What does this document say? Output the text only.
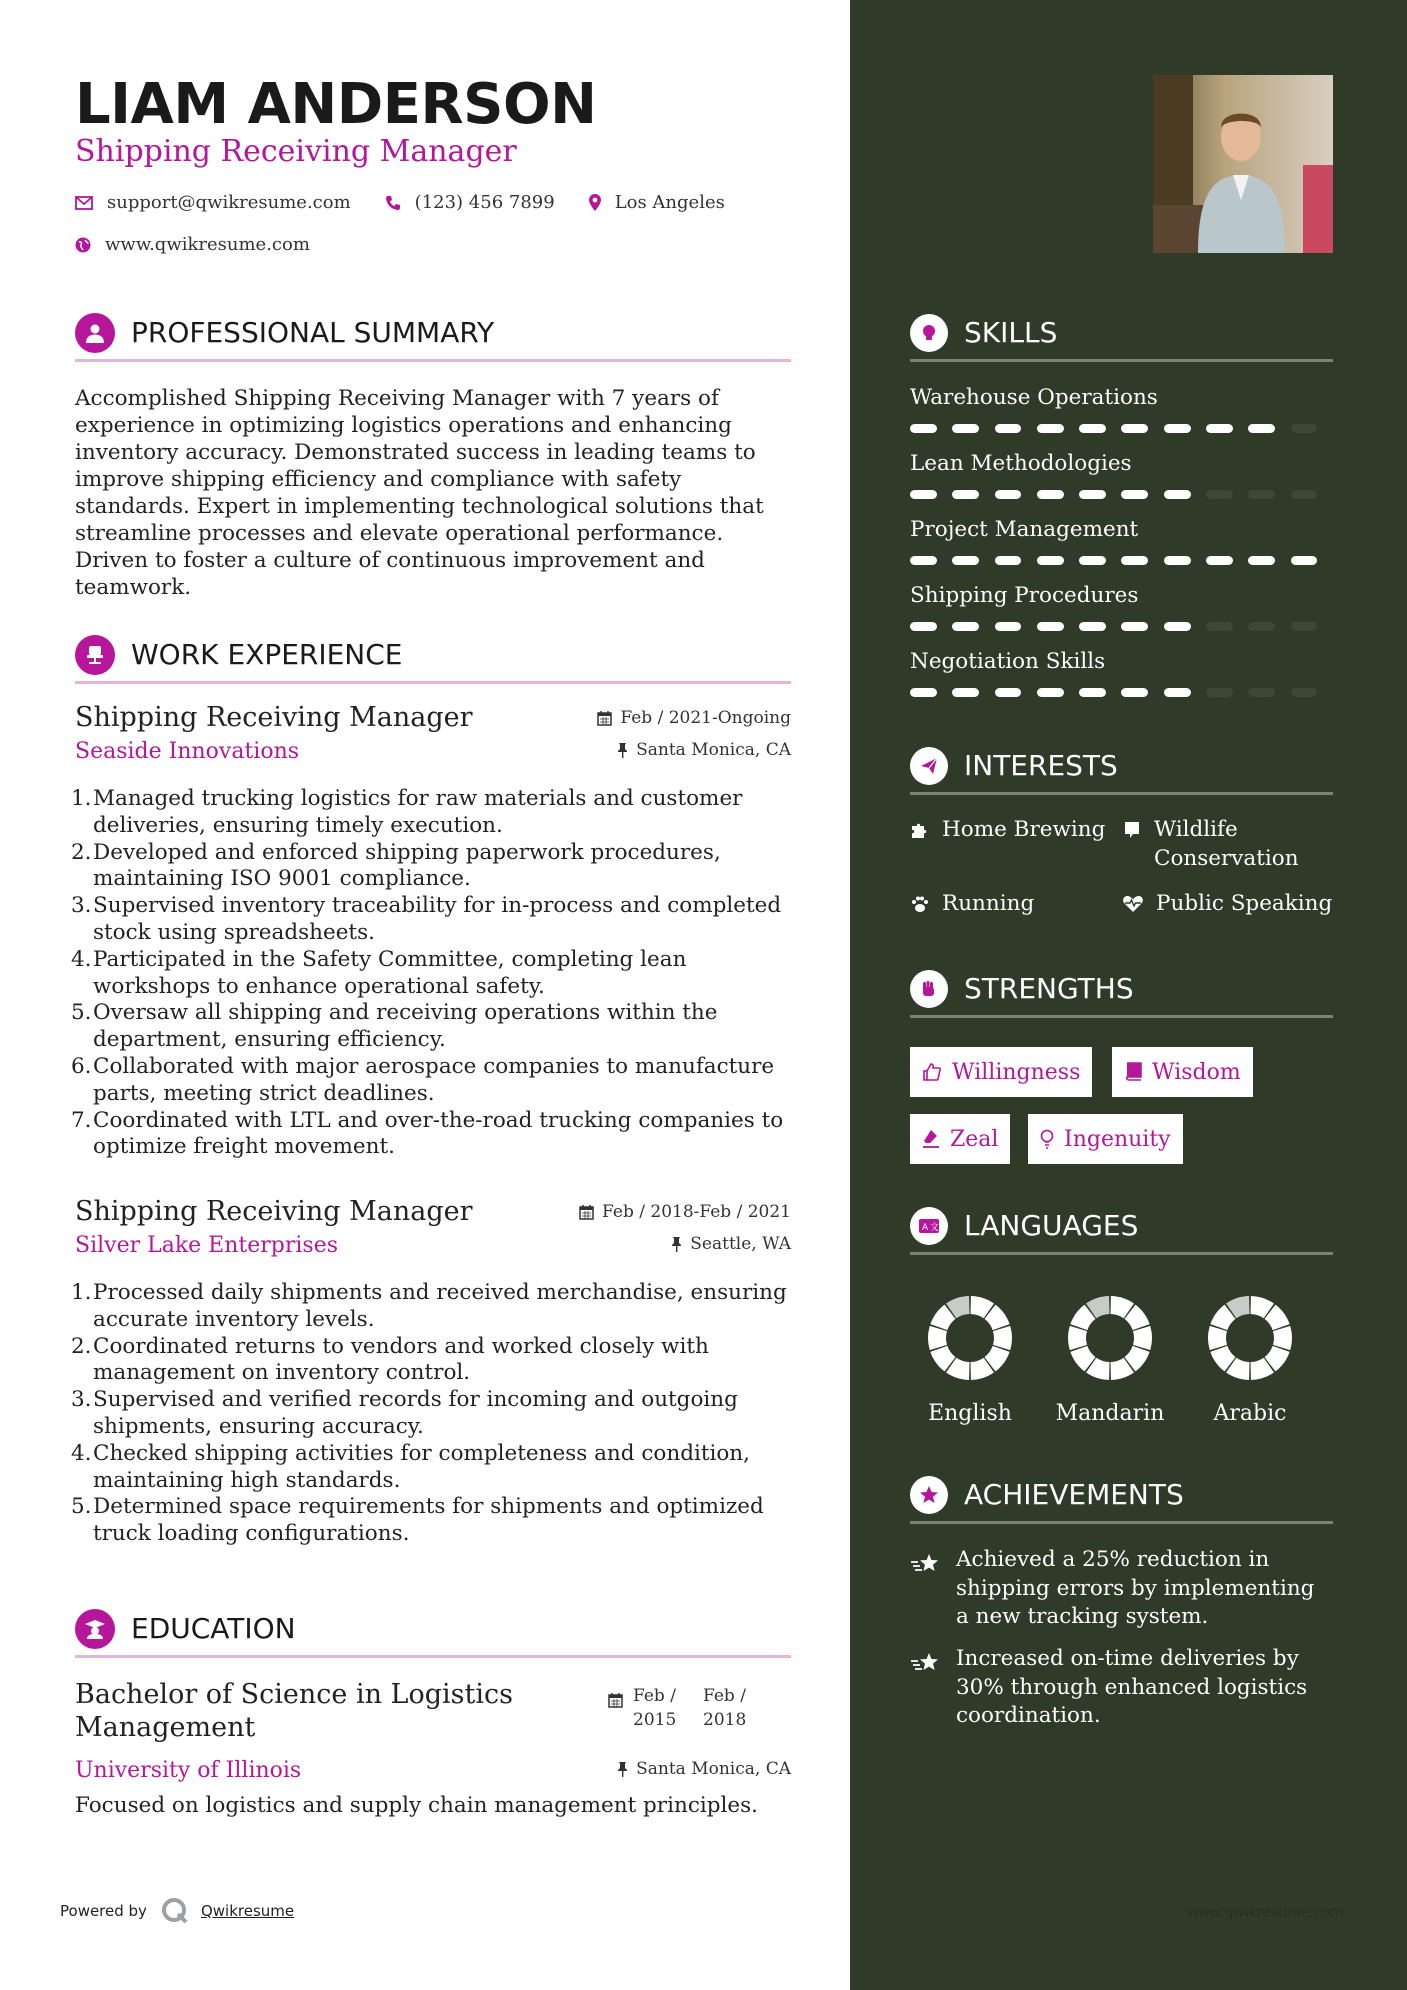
LIAM ANDERSON
Shipping Receiving Manager
support@qwikresume.com	(123) 456 7899	Los Angeles
www.qwikresume.com
PROFESSIONAL SUMMARY
Accomplished Shipping Receiving Manager with 7 years of experience in optimizing logistics operations and enhancing inventory accuracy. Demonstrated success in leading teams to improve shipping efficiency and compliance with safety standards. Expert in implementing technological solutions that streamline processes and elevate operational performance. Driven to foster a culture of continuous improvement and teamwork.
WORK EXPERIENCE
Shipping Receiving Manager	Feb / 2021-Ongoing
Seaside Innovations	Santa Monica, CA
1. Managed trucking logistics for raw materials and customer deliveries, ensuring timely execution.
2. Developed and enforced shipping paperwork procedures, maintaining ISO 9001 compliance.
3. Supervised inventory traceability for in-process and completed stock using spreadsheets.
4. Participated in the Safety Committee, completing lean workshops to enhance operational safety.
5. Oversaw all shipping and receiving operations within the department, ensuring efficiency.
6. Collaborated with major aerospace companies to manufacture parts, meeting strict deadlines.
7. Coordinated with LTL and over-the-road trucking companies to optimize freight movement.
Shipping Receiving Manager	Feb / 2018-Feb / 2021
Silver Lake Enterprises	Seattle, WA
1. Processed daily shipments and received merchandise, ensuring accurate inventory levels.
2. Coordinated returns to vendors and worked closely with management on inventory control.
3. Supervised and verified records for incoming and outgoing shipments, ensuring accuracy.
4. Checked shipping activities for completeness and condition, maintaining high standards.
5. Determined space requirements for shipments and optimized truck loading configurations.
EDUCATION
Bachelor of Science in Logistics Management
Feb / 2015
Feb / 2018
University of Illinois	Santa Monica, CA
Focused on logistics and supply chain management principles.
Powered by	Qwikresume
SKILLS
Warehouse Operations
Lean Methodologies
Project Management
Shipping Procedures
Negotiation Skills
INTERESTS
Home Brewing Wildlife Conservation
Running	Public Speaking
STRENGTHS
Willingness	Wisdom
Zeal	Ingenuity
A 文 LANGUAGES
English	Mandarin	Arabic
ACHIEVEMENTS
Achieved a 25% reduction in shipping errors by implementing a new tracking system.
Increased on-time deliveries by 30% through enhanced logistics coordination.
www.qwikresume.com
